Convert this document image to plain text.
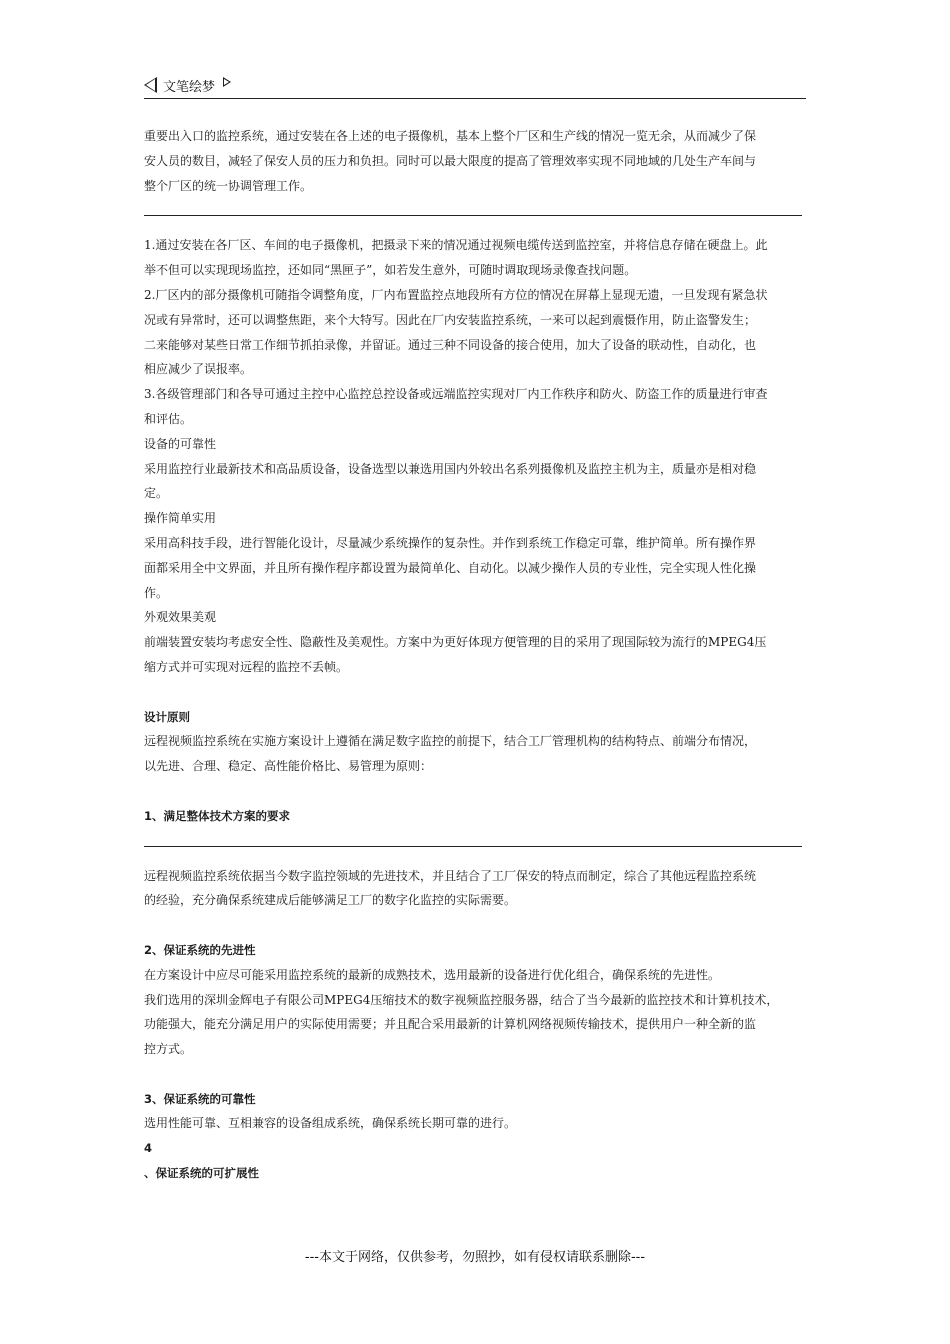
文笔绘梦

重要出入口的监控系统，通过安装在各上述的电子摄像机，基本上整个厂区和生产线的情况一览无余，从而减少了保

安人员的数目，减轻了保安人员的压力和负担。同时可以最大限度的提高了管理效率实现不同地域的几处生产车间与

整个厂区的统一协调管理工作。

1.通过安装在各厂区、车间的电子摄像机，把摄录下来的情况通过视频电缆传送到监控室，并将信息存储在硬盘上。此

举不但可以实现现场监控，还如同“黑匣子”，如若发生意外，可随时调取现场录像查找问题。

2.厂区内的部分摄像机可随指令调整角度，厂内布置监控点地段所有方位的情况在屏幕上显现无遗，一旦发现有紧急状

况或有异常时，还可以调整焦距，来个大特写。因此在厂内安装监控系统，一来可以起到震慑作用，防止盗警发生；

二来能够对某些日常工作细节抓拍录像，并留证。通过三种不同设备的接合使用，加大了设备的联动性，自动化，也

相应减少了误报率。

3.各级管理部门和各导可通过主控中心监控总控设备或远端监控实现对厂内工作秩序和防火、防盗工作的质量进行审查

和评估。

设备的可靠性

采用监控行业最新技术和高品质设备，设备选型以兼选用国内外较出名系列摄像机及监控主机为主，质量亦是相对稳

定。

操作简单实用

采用高科技手段，进行智能化设计，尽量减少系统操作的复杂性。并作到系统工作稳定可靠，维护简单。所有操作界

面都采用全中文界面，并且所有操作程序都设置为最简单化、自动化。以减少操作人员的专业性，完全实现人性化操

作。

外观效果美观

前端装置安装均考虑安全性、隐蔽性及美观性。方案中为更好体现方便管理的目的采用了现国际较为流行的MPEG4压

缩方式并可实现对远程的监控不丢帧。

设计原则

远程视频监控系统在实施方案设计上遵循在满足数字监控的前提下，结合工厂管理机构的结构特点、前端分布情况，

以先进、合理、稳定、高性能价格比、易管理为原则：

1、满足整体技术方案的要求

远程视频监控系统依据当今数字监控领域的先进技术，并且结合了工厂保安的特点而制定，综合了其他远程监控系统

的经验，充分确保系统建成后能够满足工厂的数字化监控的实际需要。

2、保证系统的先进性

在方案设计中应尽可能采用监控系统的最新的成熟技术，选用最新的设备进行优化组合，确保系统的先进性。

我们选用的深圳金辉电子有限公司MPEG4压缩技术的数字视频监控服务器，结合了当今最新的监控技术和计算机技术，

功能强大，能充分满足用户的实际使用需要；并且配合采用最新的计算机网络视频传输技术，提供用户一种全新的监

控方式。

3、保证系统的可靠性

选用性能可靠、互相兼容的设备组成系统，确保系统长期可靠的进行。

4

、保证系统的可扩展性

---本文于网络，仅供参考，勿照抄，如有侵权请联系删除---
